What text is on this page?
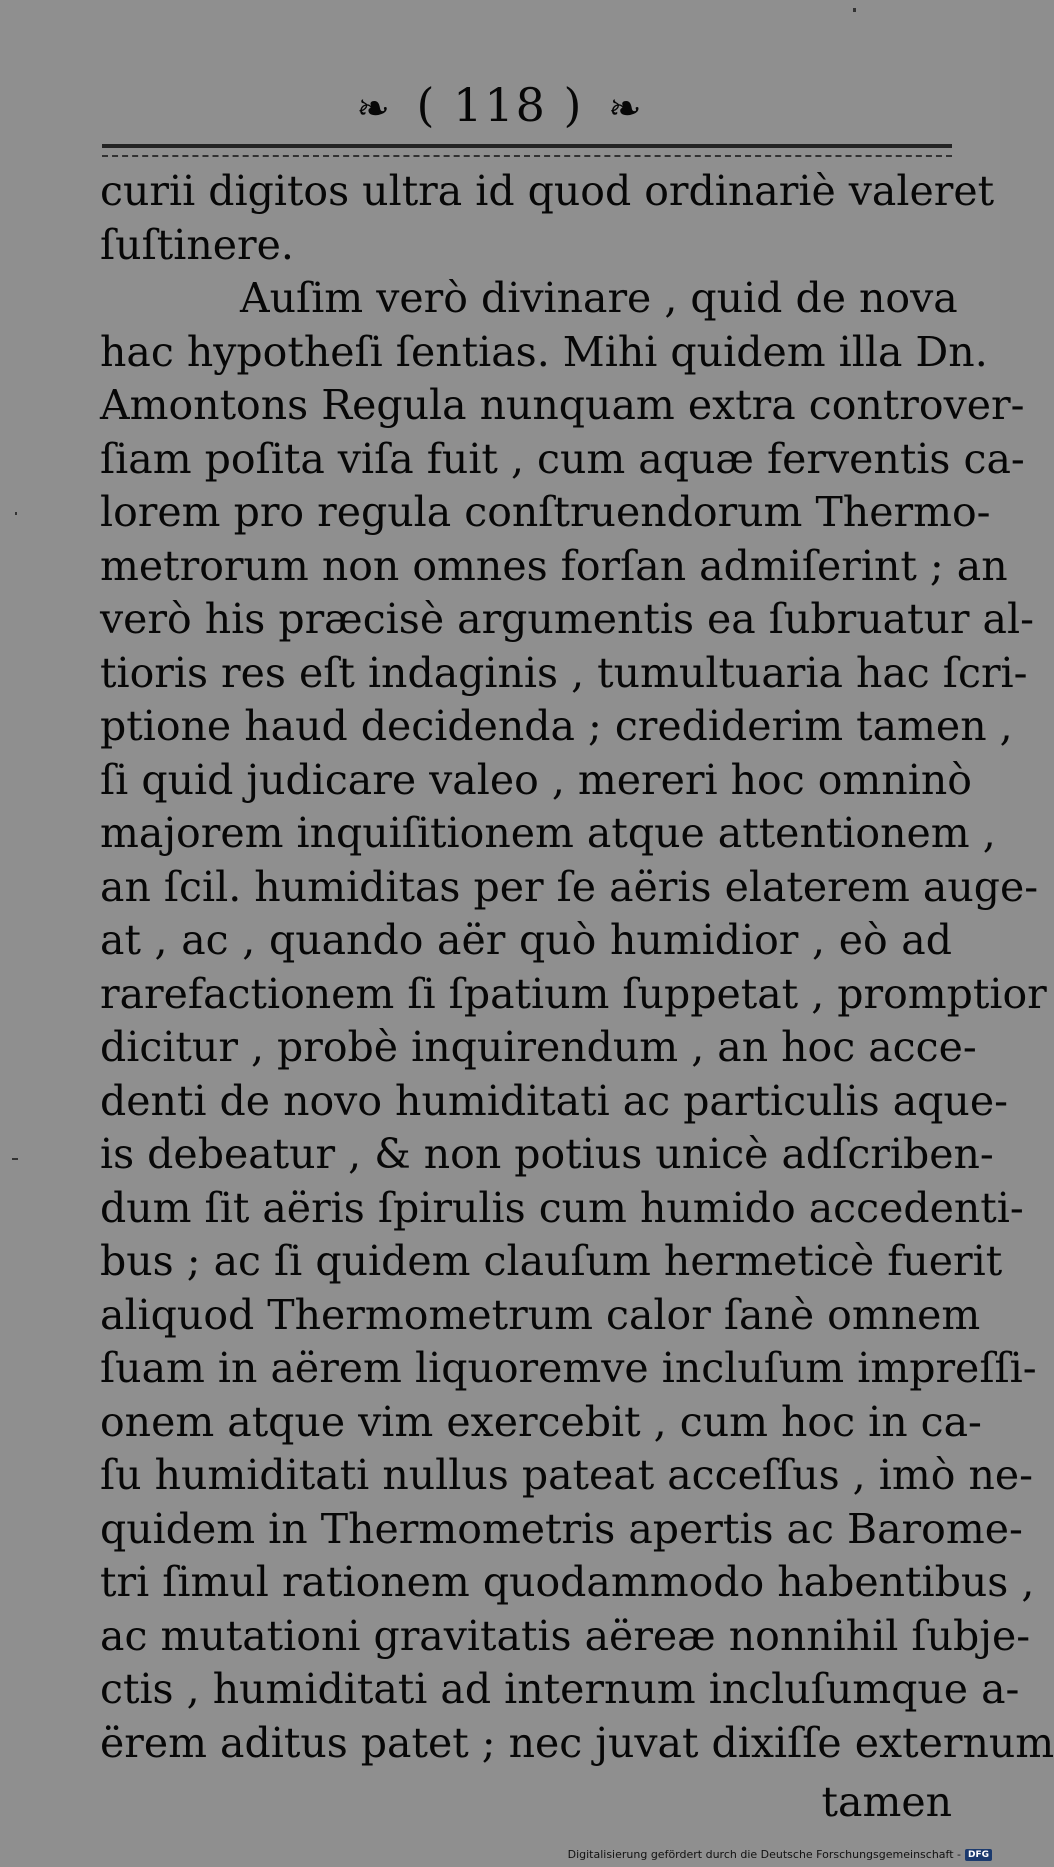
❧ ( 118 ) ❧
curii digitos ultra id quod ordinariè valeret
ſuſtinere.
Auſim verò divinare , quid de nova
hac hypotheſi ſentias. Mihi quidem illa Dn.
Amontons Regula nunquam extra controver-
ſiam poſita viſa fuit , cum aquæ ferventis ca-
lorem pro regula conſtruendorum Thermo-
metrorum non omnes forſan admiſerint ; an
verò his præcisè argumentis ea ſubruatur al-
tioris res eſt indaginis , tumultuaria hac ſcri-
ptione haud decidenda ; crediderim tamen ,
ſi quid judicare valeo , mereri hoc omninò
majorem inquiſitionem atque attentionem ,
an ſcil. humiditas per ſe aëris elaterem auge-
at , ac , quando aër quò humidior , eò ad
rarefactionem ſi ſpatium ſuppetat , promptior
dicitur , probè inquirendum , an hoc acce-
denti de novo humiditati ac particulis aque-
is debeatur , & non potius unicè adſcriben-
dum ſit aëris ſpirulis cum humido accedenti-
bus ; ac ſi quidem clauſum hermeticè fuerit
aliquod Thermometrum calor ſanè omnem
ſuam in aërem liquoremve incluſum impreſſi-
onem atque vim exercebit , cum hoc in ca-
ſu humiditati nullus pateat acceſſus , imò ne-
quidem in Thermometris apertis ac Barome-
tri ſimul rationem quodammodo habentibus ,
ac mutationi gravitatis aëreæ nonnihil ſubje-
ctis , humiditati ad internum incluſumque a-
ërem aditus patet ; nec juvat dixiſſe externum
tamen
Digitalisierung gefördert durch die Deutsche Forschungsgemeinschaft - DFG
